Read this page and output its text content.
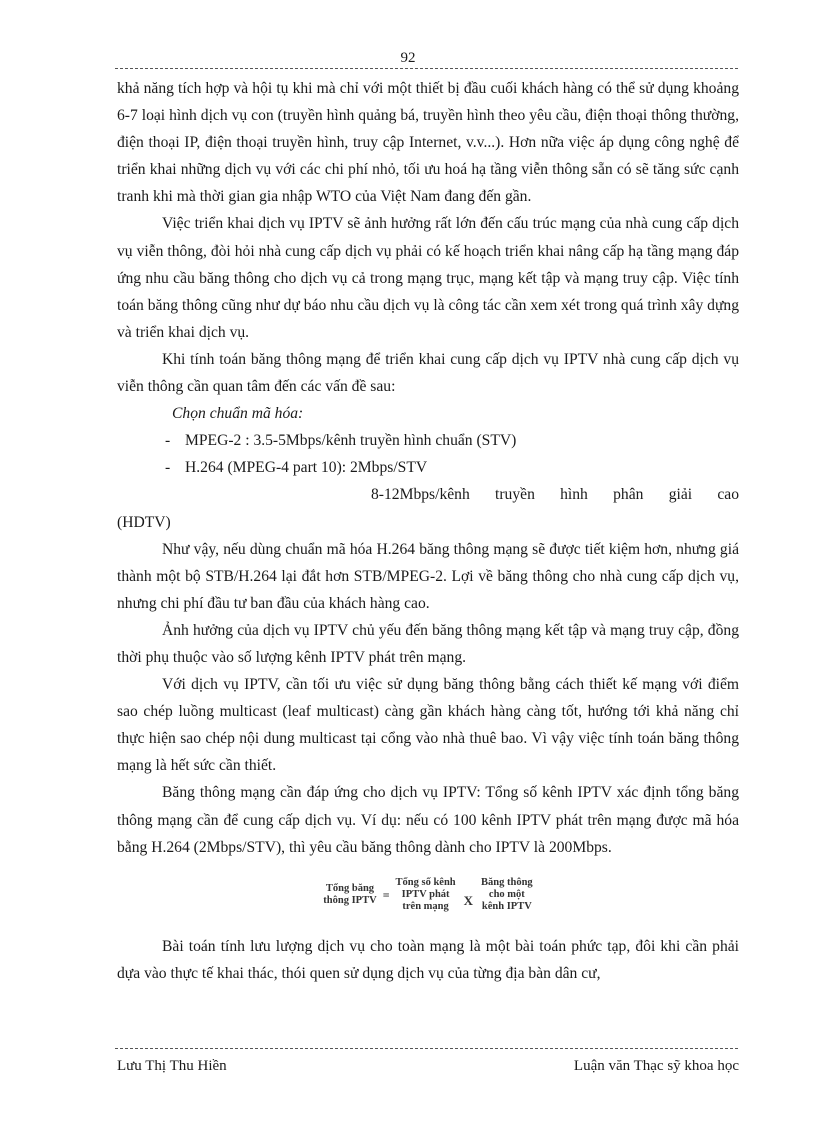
92

khả năng tích hợp và hội tụ khi mà chỉ với một thiết bị đầu cuối khách hàng có thể sử dụng khoảng 6-7 loại hình dịch vụ con (truyền hình quảng bá, truyền hình theo yêu cầu, điện thoại thông thường, điện thoại IP, điện thoại truyền hình, truy cập Internet, v.v...). Hơn nữa việc áp dụng công nghệ để triển khai những dịch vụ với các chi phí nhỏ, tối ưu hoá hạ tầng viễn thông sẵn có sẽ tăng sức cạnh tranh khi mà thời gian gia nhập WTO của Việt Nam đang đến gần.

Việc triển khai dịch vụ IPTV sẽ ảnh hưởng rất lớn đến cấu trúc mạng của nhà cung cấp dịch vụ viễn thông, đòi hỏi nhà cung cấp dịch vụ phải có kế hoạch triển khai nâng cấp hạ tầng mạng đáp ứng nhu cầu băng thông cho dịch vụ cả trong mạng trục, mạng kết tập và mạng truy cập. Việc tính toán băng thông cũng như dự báo nhu cầu dịch vụ là công tác cần xem xét trong quá trình xây dựng và triển khai dịch vụ.

Khi tính toán băng thông mạng để triển khai cung cấp dịch vụ IPTV nhà cung cấp dịch vụ viễn thông cần quan tâm đến các vấn đề sau:

Chọn chuẩn mã hóa:

- MPEG-2 : 3.5-5Mbps/kênh truyền hình chuẩn (STV)

- H.264 (MPEG-4 part 10): 2Mbps/STV

8-12Mbps/kênh truyền hình phân giải cao

(HDTV)

Như vậy, nếu dùng chuẩn mã hóa H.264 băng thông mạng sẽ được tiết kiệm hơn, nhưng giá thành một bộ STB/H.264 lại đắt hơn STB/MPEG-2. Lợi về băng thông cho nhà cung cấp dịch vụ, nhưng chi phí đầu tư ban đầu của khách hàng cao.

Ảnh hưởng của dịch vụ IPTV chủ yếu đến băng thông mạng kết tập và mạng truy cập, đồng thời phụ thuộc vào số lượng kênh IPTV phát trên mạng.

Với dịch vụ IPTV, cần tối ưu việc sử dụng băng thông bằng cách thiết kế mạng với điểm sao chép luồng multicast (leaf multicast) càng gần khách hàng càng tốt, hướng tới khả năng chỉ thực hiện sao chép nội dung multicast tại cổng vào nhà thuê bao. Vì vậy việc tính toán băng thông mạng là hết sức cần thiết.

Băng thông mạng cần đáp ứng cho dịch vụ IPTV: Tổng số kênh IPTV xác định tổng băng thông mạng cần để cung cấp dịch vụ. Ví dụ: nếu có 100 kênh IPTV phát trên mạng được mã hóa bằng H.264 (2Mbps/STV), thì yêu cầu băng thông dành cho IPTV là 200Mbps.

Tổng băng
thông IPTV =
Tổng số kênh
IPTV phát
trên mạng	X
Băng thông
cho một
kênh IPTV

Bài toán tính lưu lượng dịch vụ cho toàn mạng là một bài toán phức tạp, đôi khi cần phải dựa vào thực tế khai thác, thói quen sử dụng dịch vụ của từng địa bàn dân cư,

Lưu Thị Thu Hiền	Luận văn Thạc sỹ khoa học
